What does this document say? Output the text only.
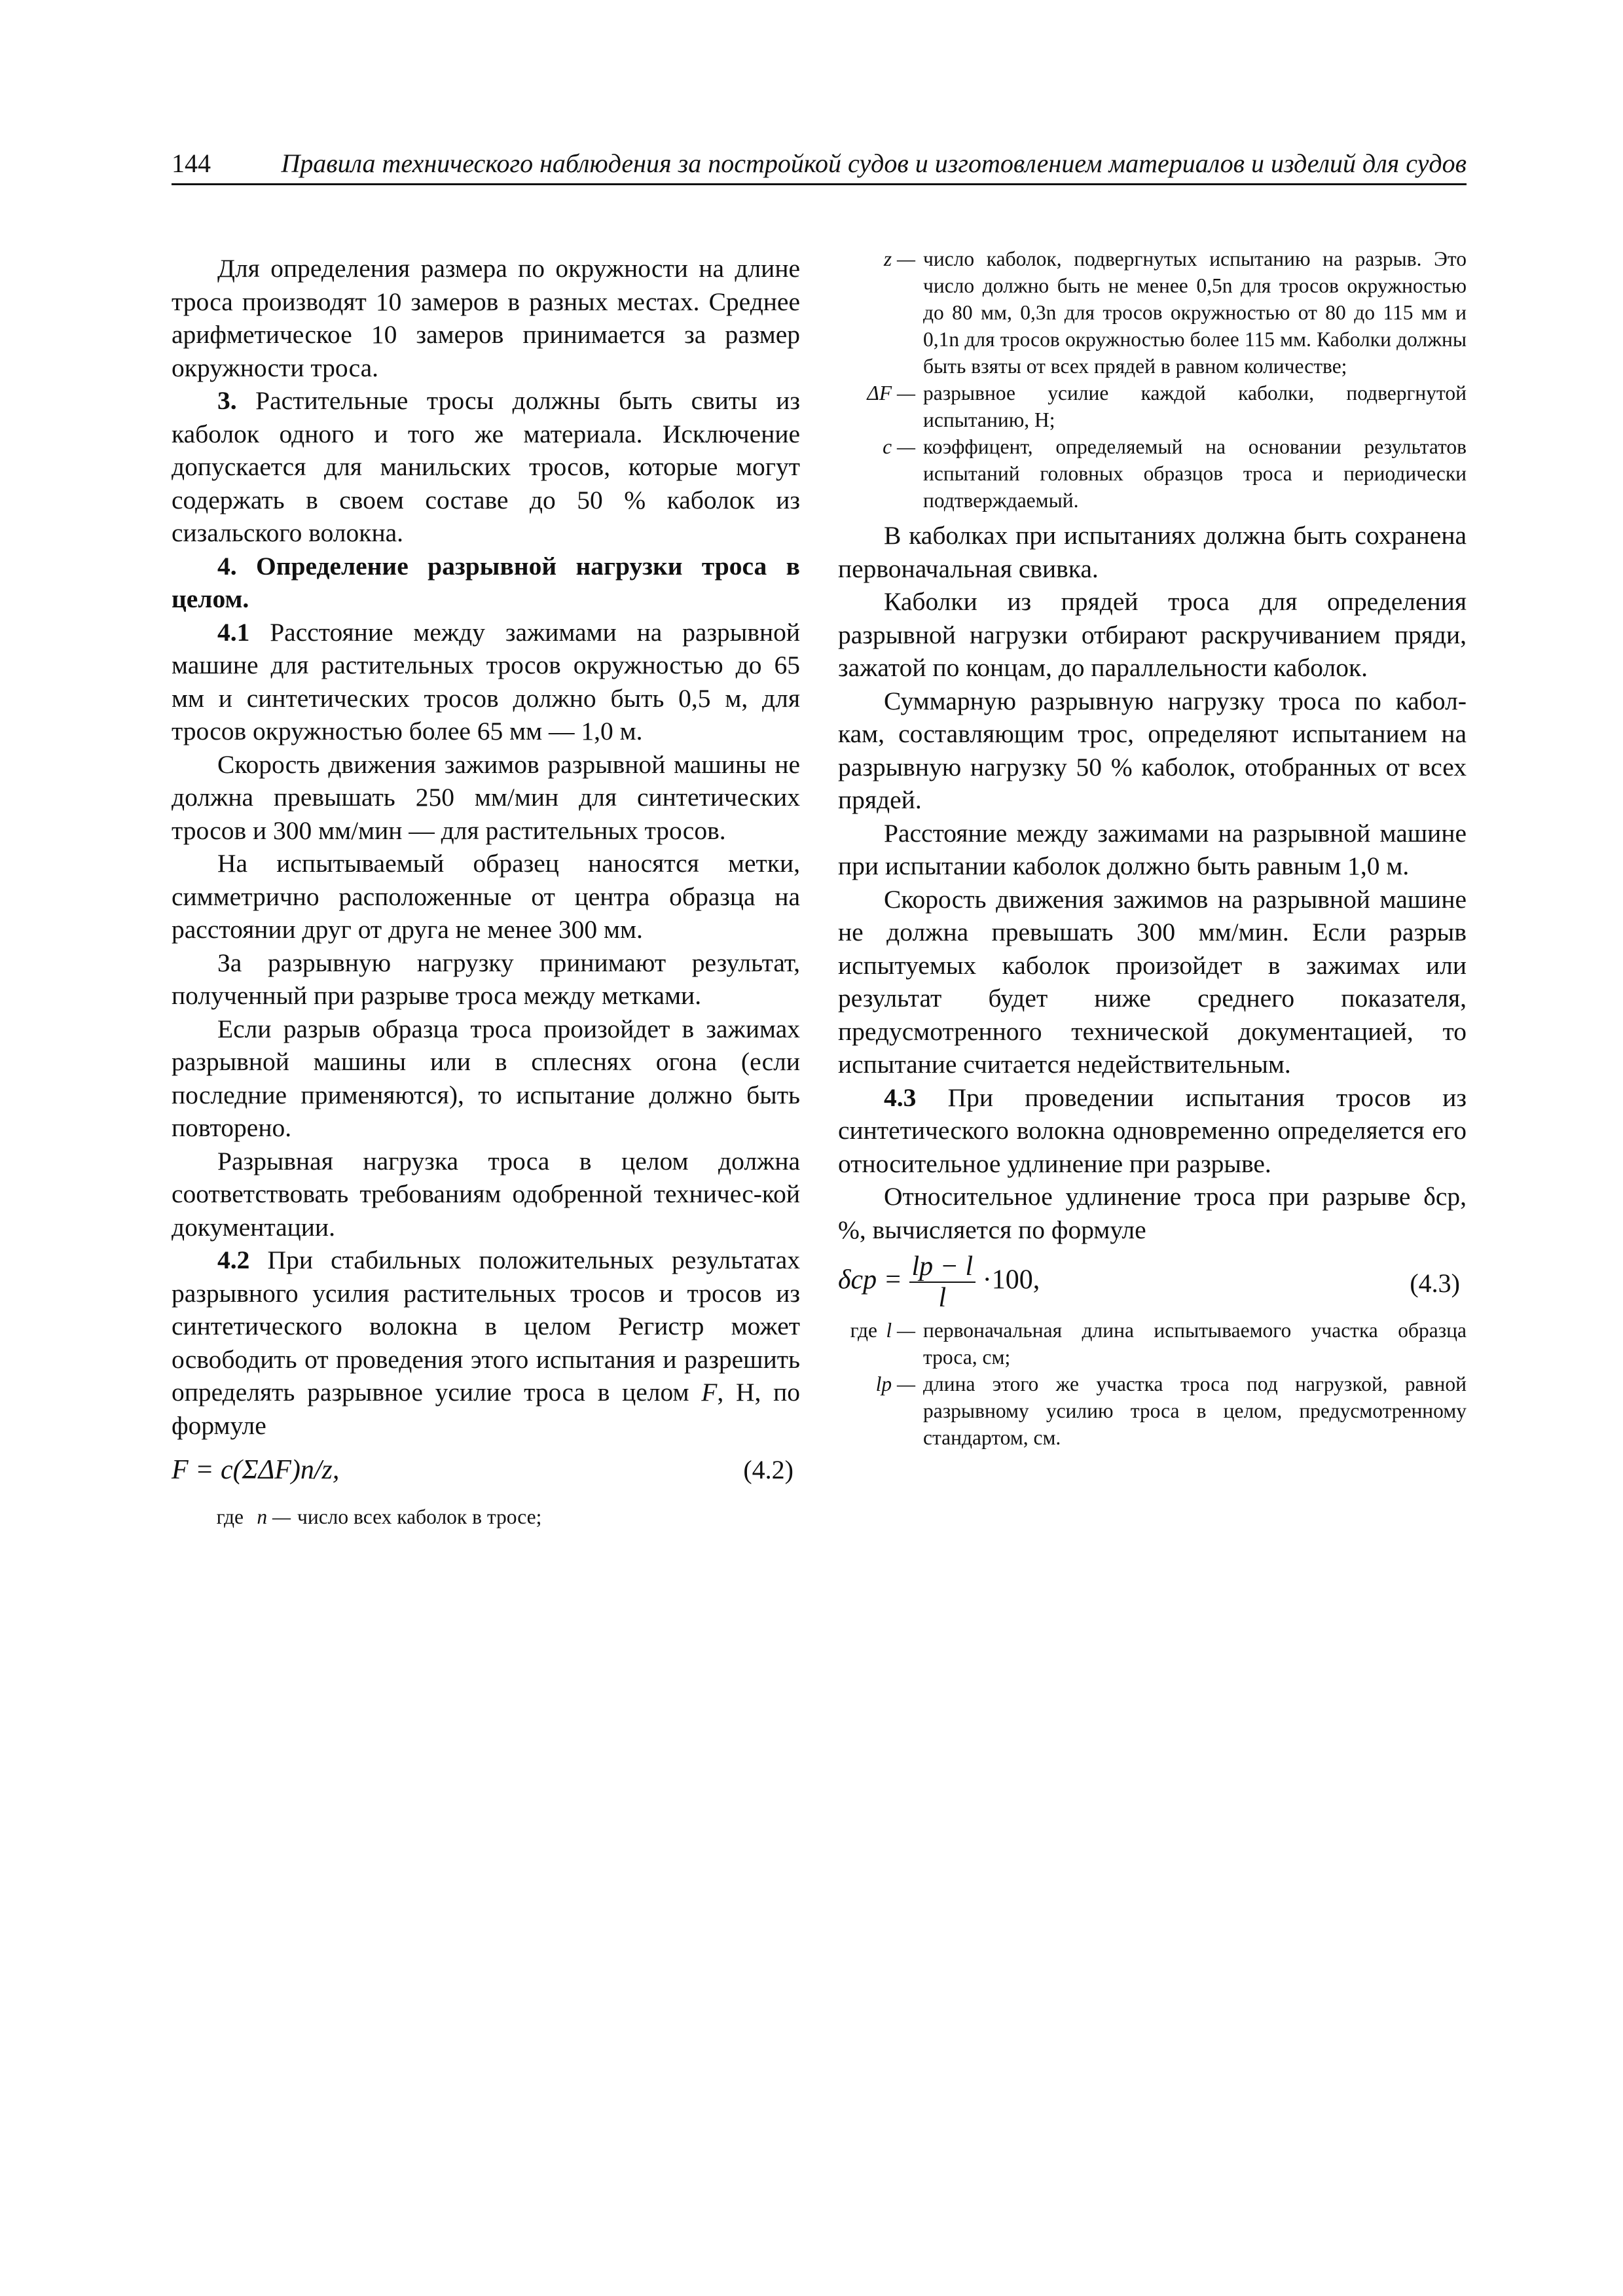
144	Правила технического наблюдения за постройкой судов и изготовлением материалов и изделий для судов

Для определения размера по окружности на длине троса производят 10 замеров в разных местах. Среднее арифметическое 10 замеров принимается за размер окружности троса.

3. Растительные тросы должны быть свиты из каболок одного и того же материала. Исключение допускается для манильских тросов, которые могут содержать в своем составе до 50 % каболок из сизальского волокна.

4. Определение разрывной нагрузки троса в целом.

4.1 Расстояние между зажимами на разрывной машине для растительных тросов окружностью до 65 мм и синтетических тросов должно быть 0,5 м, для тросов окружностью более 65 мм — 1,0 м.

Скорость движения зажимов разрывной машины не должна превышать 250 мм/мин для синтетических тросов и 300 мм/мин — для растительных тросов.

На испытываемый образец наносятся метки, симметрично расположенные от центра образца на расстоянии друг от друга не менее 300 мм.

За разрывную нагрузку принимают результат, полученный при разрыве троса между метками.

Если разрыв образца троса произойдет в зажимах разрывной машины или в сплеснях огона (если последние применяются), то испытание должно быть повторено.

Разрывная нагрузка троса в целом должна соответствовать требованиям одобренной техничес-кой документации.

4.2 При стабильных положительных результатах разрывного усилия растительных тросов и тросов из синтетического волокна в целом Регистр может освободить от проведения этого испытания и разрешить определять разрывное усилие троса в целом F, Н, по формуле

F = c(ΣΔF)n/z,	(4.2)
где n — число всех каболок в тросе;
z — число каболок, подвергнутых испытанию на разрыв. Это число должно быть не менее 0,5n для тросов окружностью до 80 мм, 0,3n для тросов окружностью от 80 до 115 мм и 0,1n для тросов окружностью более 115 мм. Каболки должны быть взяты от всех прядей в равном количестве;
ΔF — разрывное усилие каждой каболки, подвергнутой испытанию, Н;
c — коэффицент, определяемый на основании результатов испытаний головных образцов троса и периодически подтверждаемый.

В каболках при испытаниях должна быть сохранена первоначальная свивка.

Каболки из прядей троса для определения разрывной нагрузки отбирают раскручиванием пряди, зажатой по концам, до параллельности каболок.

Суммарную разрывную нагрузку троса по кабол-кам, составляющим трос, определяют испытанием на разрывную нагрузку 50 % каболок, отобранных от всех прядей.

Расстояние между зажимами на разрывной машине при испытании каболок должно быть равным 1,0 м.

Скорость движения зажимов на разрывной машине не должна превышать 300 мм/мин. Если разрыв испытуемых каболок произойдет в зажимах или результат будет ниже среднего показателя, предусмотренного технической документацией, то испытание считается недействительным.

4.3 При проведении испытания тросов из синтетического волокна одновременно определяется его относительное удлинение при разрыве.

Относительное удлинение троса при разрыве δср, %, вычисляется по формуле

$\delta ср = \frac{lр - l}{l} \cdot 100$,	(4.3)
где l — первоначальная длина испытываемого участка образца троса, см;
lр — длина этого же участка троса под нагрузкой, равной разрывному усилию троса в целом, предусмотренному стандартом, см.
